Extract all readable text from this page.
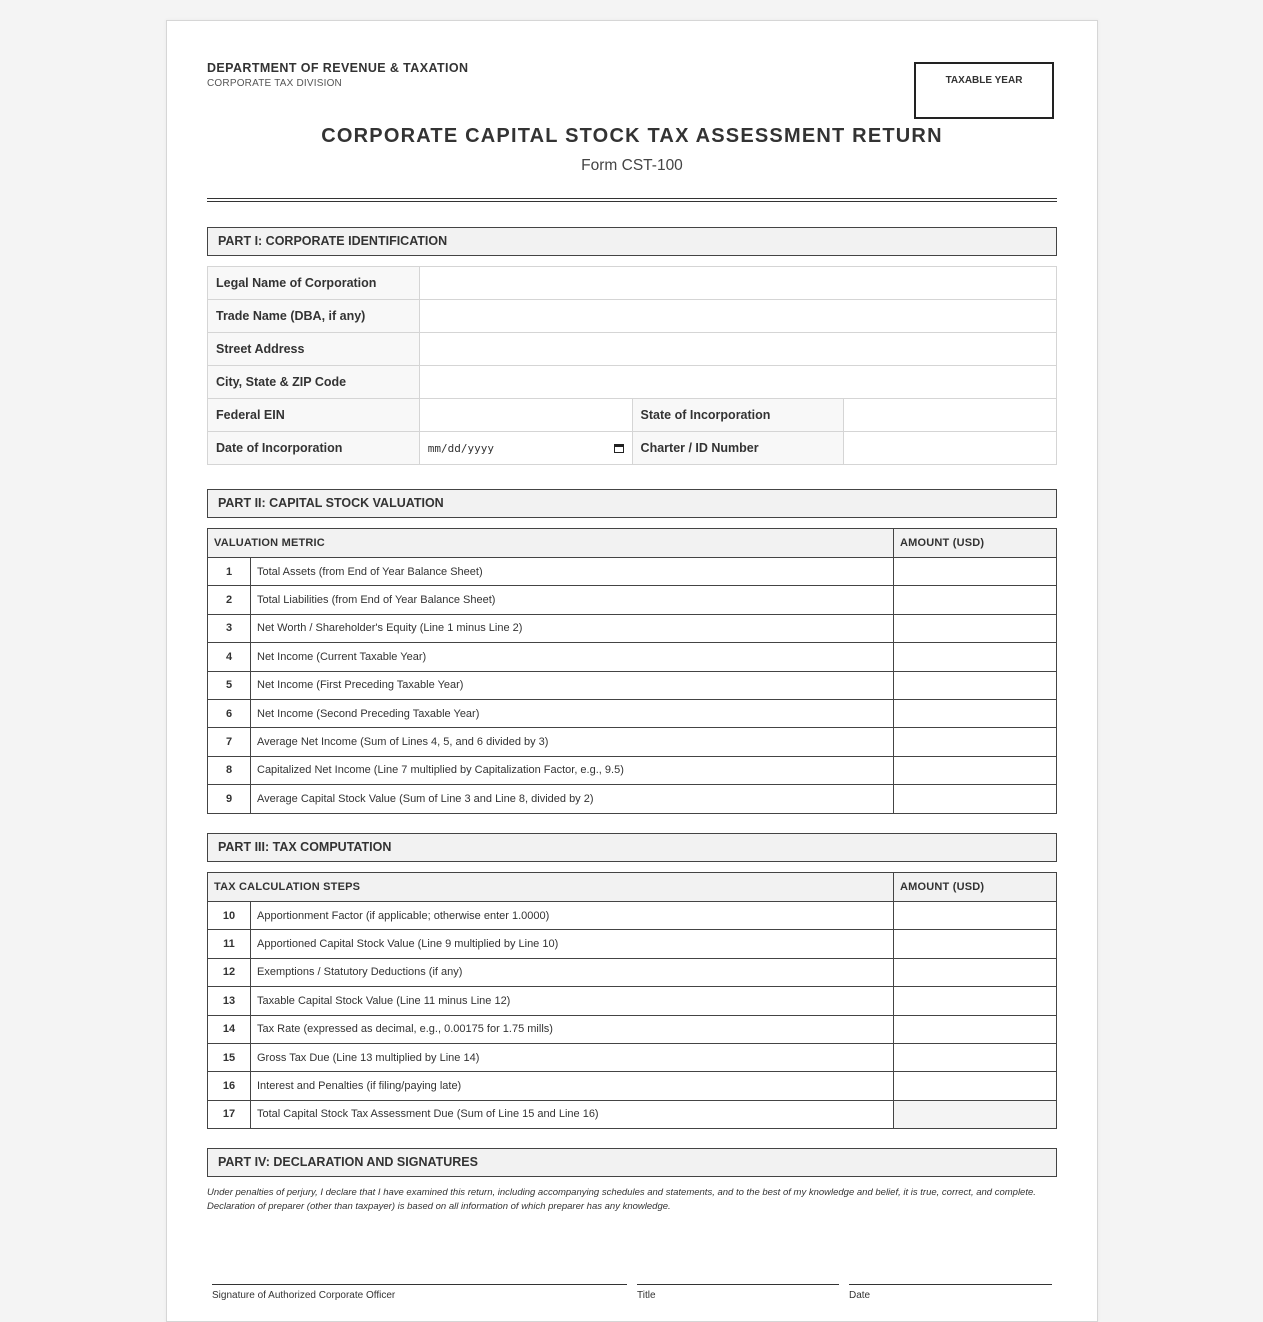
DEPARTMENT OF REVENUE & TAXATION
CORPORATE TAX DIVISION	TAXABLE YEAR
CORPORATE CAPITAL STOCK TAX ASSESSMENT RETURN
Form CST-100
PART I: CORPORATE IDENTIFICATION
Legal Name of Corporation	
Trade Name (DBA, if any)	
Street Address	
City, State & ZIP Code	
Federal EIN		State of Incorporation	
Date of Incorporation	mm/dd/yyyy	Charter / ID Number	
PART II: CAPITAL STOCK VALUATION
VALUATION METRIC		AMOUNT (USD)
1	Total Assets (from End of Year Balance Sheet)	
2	Total Liabilities (from End of Year Balance Sheet)	
3	Net Worth / Shareholder's Equity (Line 1 minus Line 2)	
4	Net Income (Current Taxable Year)	
5	Net Income (First Preceding Taxable Year)	
6	Net Income (Second Preceding Taxable Year)	
7	Average Net Income (Sum of Lines 4, 5, and 6 divided by 3)	
8	Capitalized Net Income (Line 7 multiplied by Capitalization Factor, e.g., 9.5)	
9	Average Capital Stock Value (Sum of Line 3 and Line 8, divided by 2)	
PART III: TAX COMPUTATION
TAX CALCULATION STEPS		AMOUNT (USD)
10	Apportionment Factor (if applicable; otherwise enter 1.0000)	
11	Apportioned Capital Stock Value (Line 9 multiplied by Line 10)	
12	Exemptions / Statutory Deductions (if any)	
13	Taxable Capital Stock Value (Line 11 minus Line 12)	
14	Tax Rate (expressed as decimal, e.g., 0.00175 for 1.75 mills)	
15	Gross Tax Due (Line 13 multiplied by Line 14)	
16	Interest and Penalties (if filing/paying late)	
17	Total Capital Stock Tax Assessment Due (Sum of Line 15 and Line 16)	
PART IV: DECLARATION AND SIGNATURES
Under penalties of perjury, I declare that I have examined this return, including accompanying schedules and statements, and to the best of my knowledge and belief, it is true, correct, and complete. Declaration of preparer (other than taxpayer) is based on all information of which preparer has any knowledge.
Signature of Authorized Corporate Officer	Title	Date
